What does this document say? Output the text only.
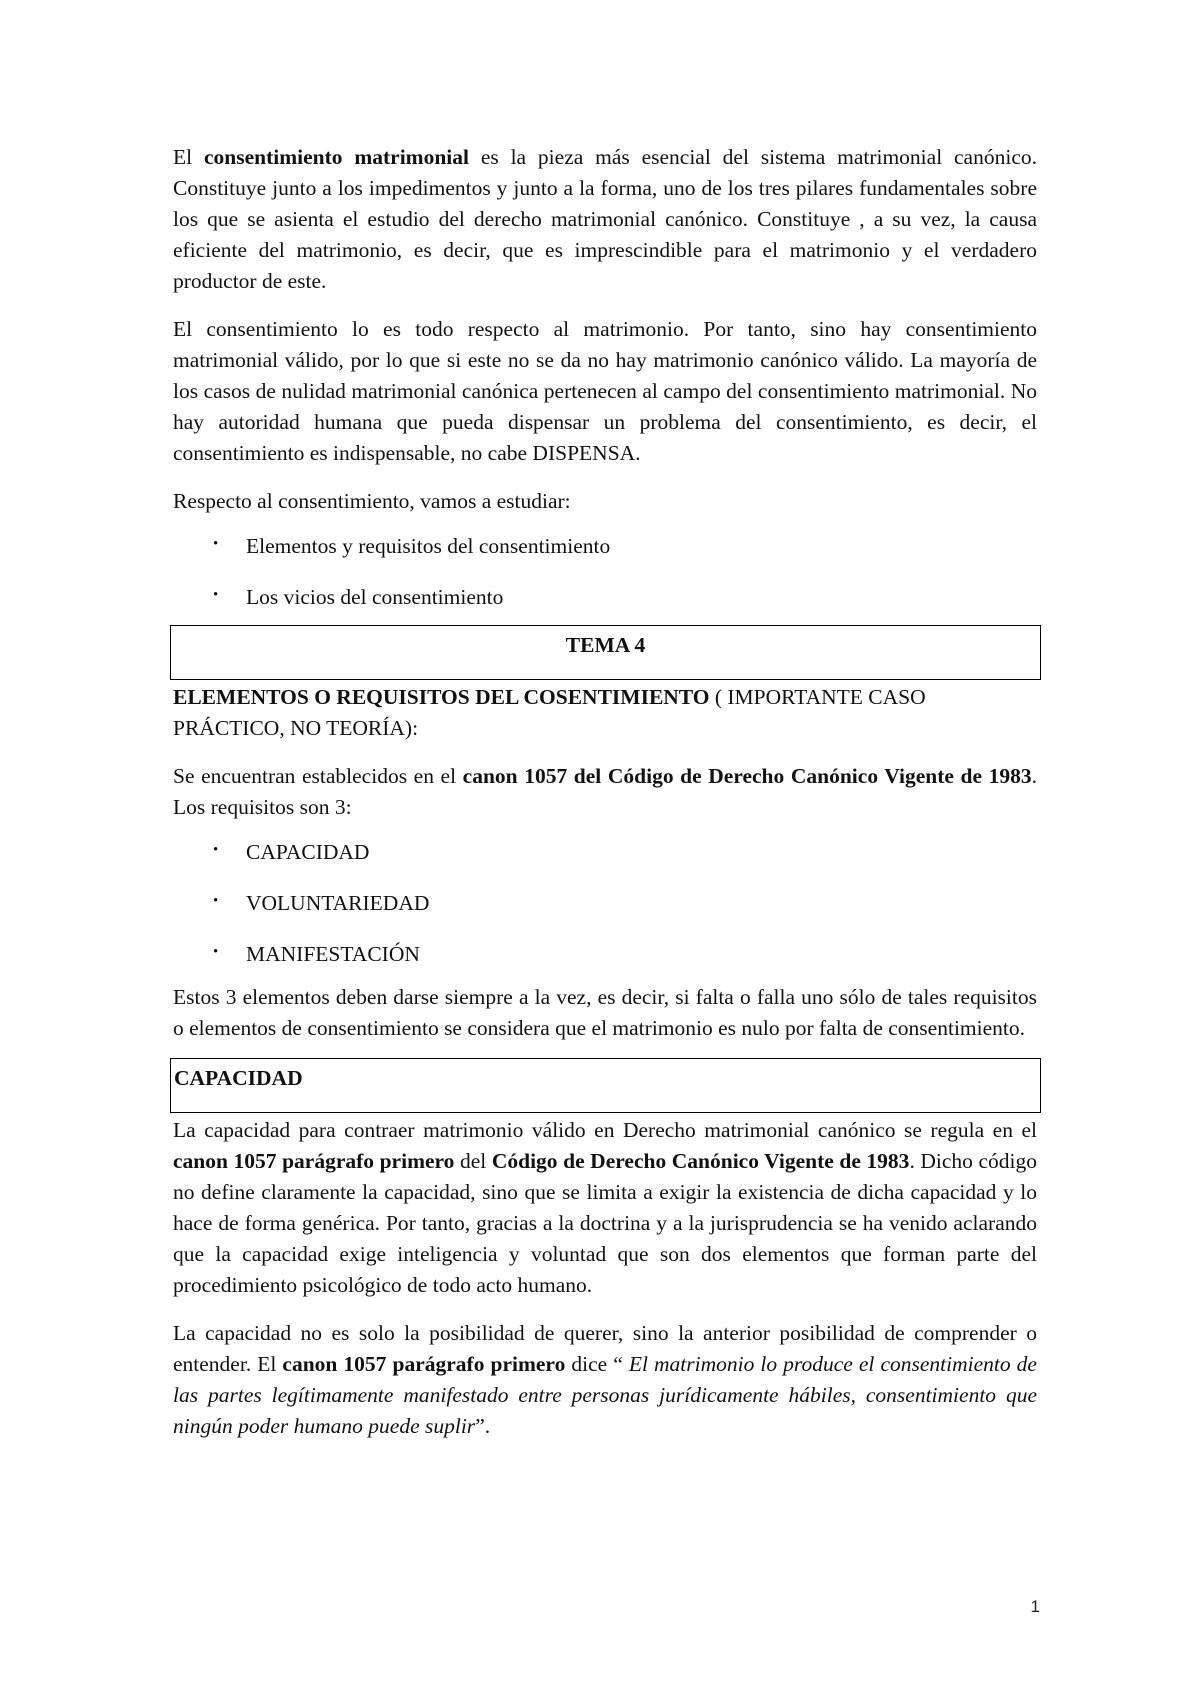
El consentimiento matrimonial es la pieza más esencial del sistema matrimonial canónico. Constituye junto a los impedimentos y junto a la forma, uno de los tres pilares fundamentales sobre los que se asienta el estudio del derecho matrimonial canónico. Constituye , a su vez, la causa eficiente del matrimonio, es decir, que es imprescindible para el matrimonio y el verdadero productor de este.

El consentimiento lo es todo respecto al matrimonio. Por tanto, sino hay consentimiento matrimonial válido, por lo que si este no se da no hay matrimonio canónico válido. La mayoría de los casos de nulidad matrimonial canónica pertenecen al campo del consentimiento matrimonial. No hay autoridad humana que pueda dispensar un problema del consentimiento, es decir, el consentimiento es indispensable, no cabe DISPENSA.

Respecto al consentimiento, vamos a estudiar:

• Elementos y requisitos del consentimiento
• Los vicios del consentimiento
TEMA 4

ELEMENTOS O REQUISITOS DEL COSENTIMIENTO ( IMPORTANTE CASO PRÁCTICO, NO TEORÍA):

Se encuentran establecidos en el canon 1057 del Código de Derecho Canónico Vigente de 1983. Los requisitos son 3:

• CAPACIDAD
• VOLUNTARIEDAD
• MANIFESTACIÓN

Estos 3 elementos deben darse siempre a la vez, es decir, si falta o falla uno sólo de tales requisitos o elementos de consentimiento se considera que el matrimonio es nulo por falta de consentimiento.

CAPACIDAD

La capacidad para contraer matrimonio válido en Derecho matrimonial canónico se regula en el canon 1057 parágrafo primero del Código de Derecho Canónico Vigente de 1983. Dicho código no define claramente la capacidad, sino que se limita a exigir la existencia de dicha capacidad y lo hace de forma genérica. Por tanto, gracias a la doctrina y a la jurisprudencia se ha venido aclarando que la capacidad exige inteligencia y voluntad que son dos elementos que forman parte del procedimiento psicológico de todo acto humano.

La capacidad no es solo la posibilidad de querer, sino la anterior posibilidad de comprender o entender. El canon 1057 parágrafo primero dice “ El matrimonio lo produce el consentimiento de las partes legítimamente manifestado entre personas jurídicamente hábiles, consentimiento que ningún poder humano puede suplir”.

1
